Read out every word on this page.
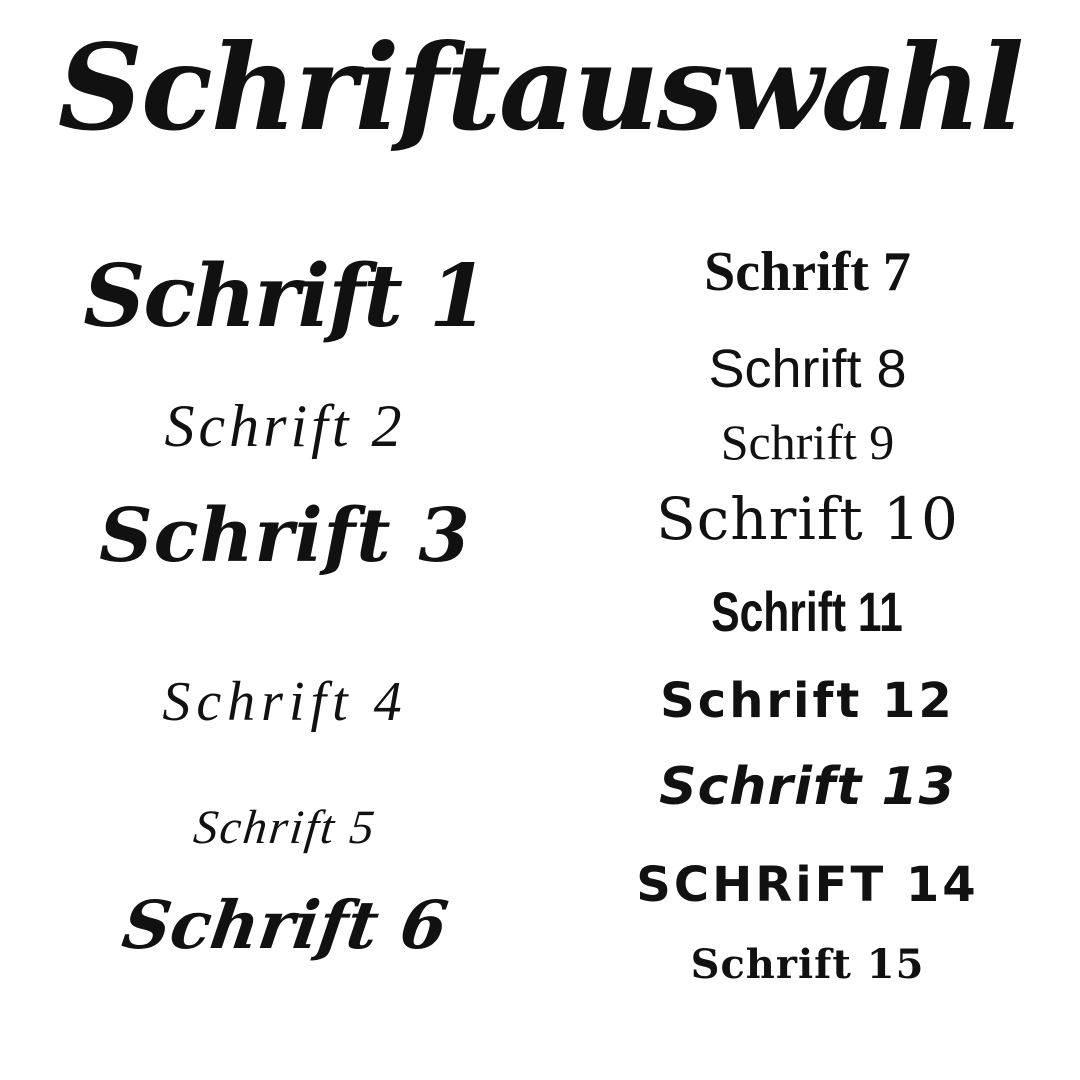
Schriftauswahl
Schrift 1
Schrift 2
Schrift 3
Schrift 4
Schrift 5
Schrift 6
Schrift 7
Schrift 8
Schrift 9
Schrift 10
Schrift 11
Schrift 12
Schrift 13
SCHRiFT 14
Schrift 15
